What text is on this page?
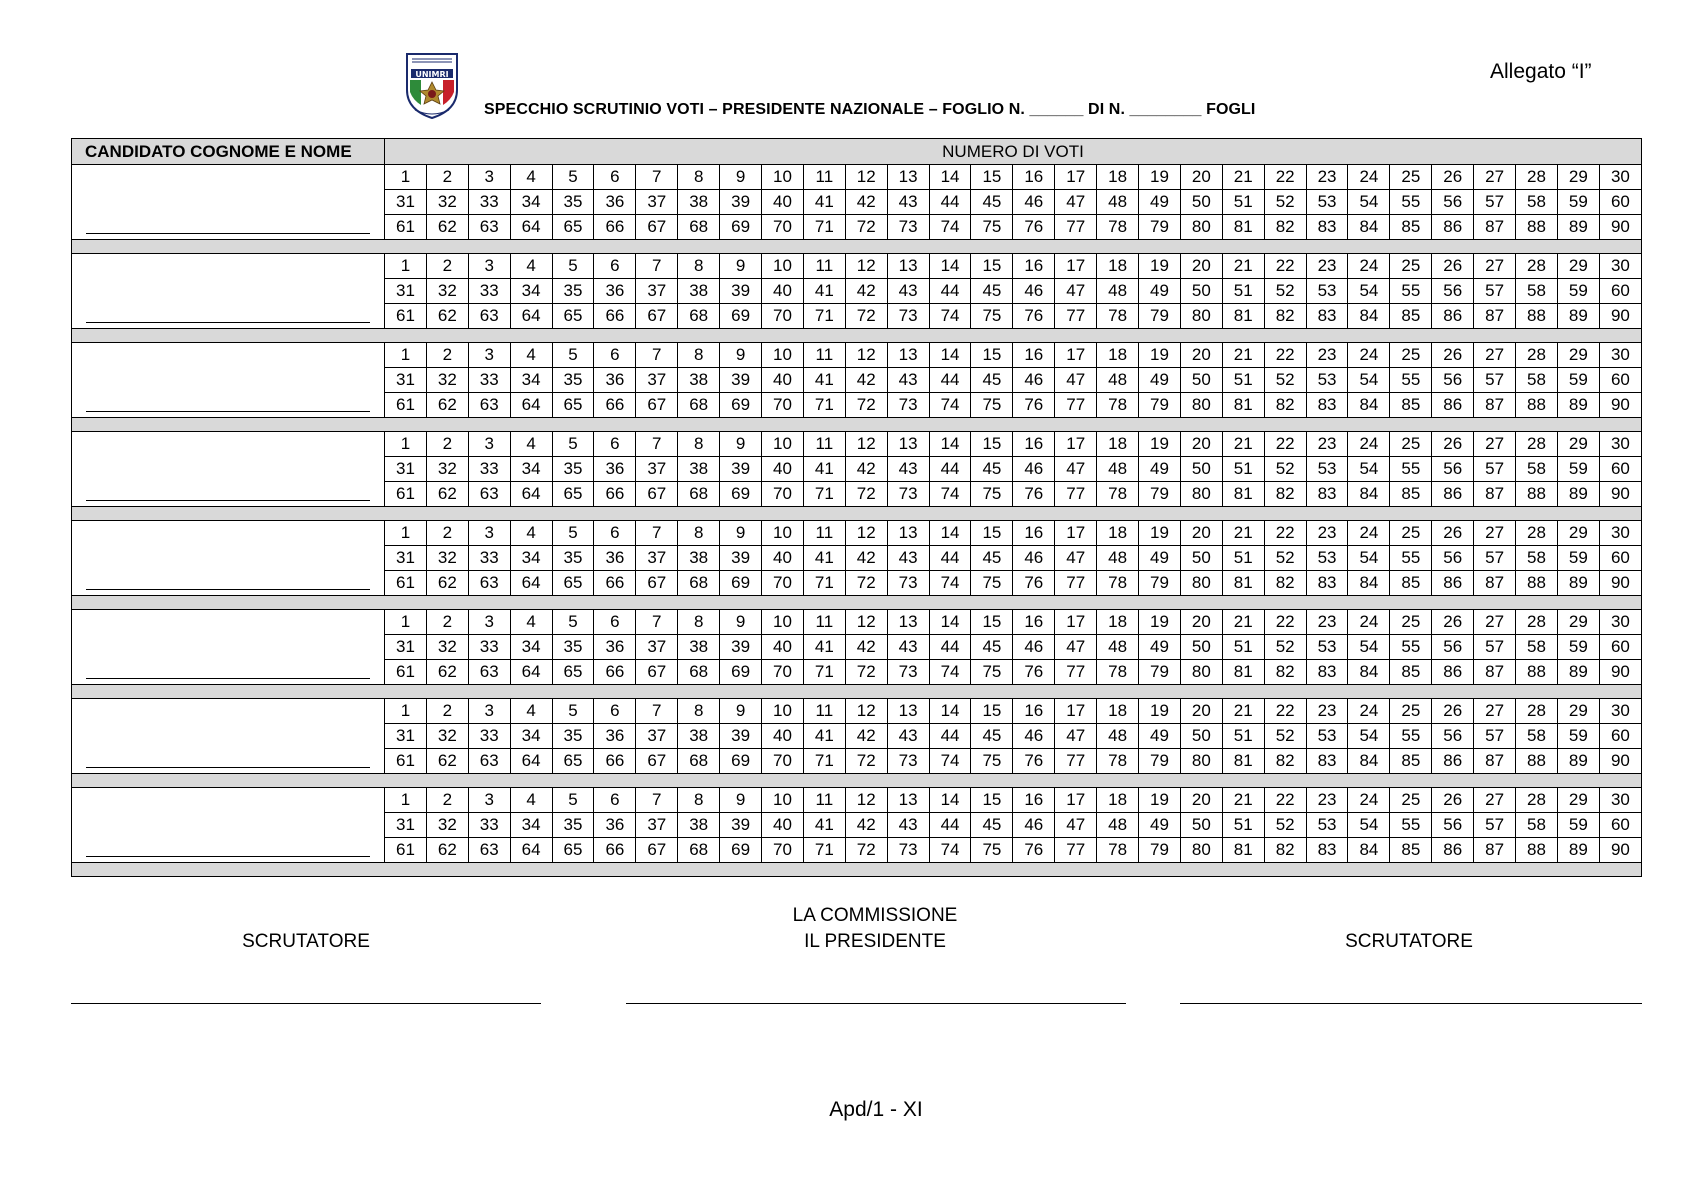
UNIMRI	Allegato “I”
SPECCHIO SCRUTINIO VOTI – PRESIDENTE NAZIONALE – FOGLIO N. ______ DI N. ________ FOGLI
CANDIDATO COGNOME E NOME	NUMERO DI VOTI																													

	1	2	3	4	5	6	7	8	9	10	11	12	13	14	15	16	17	18	19	20	21	22	23	24	25	26	27	28	29	30
	31	32	33	34	35	36	37	38	39	40	41	42	43	44	45	46	47	48	49	50	51	52	53	54	55	56	57	58	59	60
	61	62	63	64	65	66	67	68	69	70	71	72	73	74	75	76	77	78	79	80	81	82	83	84	85	86	87	88	89	90

	1	2	3	4	5	6	7	8	9	10	11	12	13	14	15	16	17	18	19	20	21	22	23	24	25	26	27	28	29	30
	31	32	33	34	35	36	37	38	39	40	41	42	43	44	45	46	47	48	49	50	51	52	53	54	55	56	57	58	59	60
	61	62	63	64	65	66	67	68	69	70	71	72	73	74	75	76	77	78	79	80	81	82	83	84	85	86	87	88	89	90

	1	2	3	4	5	6	7	8	9	10	11	12	13	14	15	16	17	18	19	20	21	22	23	24	25	26	27	28	29	30
	31	32	33	34	35	36	37	38	39	40	41	42	43	44	45	46	47	48	49	50	51	52	53	54	55	56	57	58	59	60
	61	62	63	64	65	66	67	68	69	70	71	72	73	74	75	76	77	78	79	80	81	82	83	84	85	86	87	88	89	90

	1	2	3	4	5	6	7	8	9	10	11	12	13	14	15	16	17	18	19	20	21	22	23	24	25	26	27	28	29	30
	31	32	33	34	35	36	37	38	39	40	41	42	43	44	45	46	47	48	49	50	51	52	53	54	55	56	57	58	59	60
	61	62	63	64	65	66	67	68	69	70	71	72	73	74	75	76	77	78	79	80	81	82	83	84	85	86	87	88	89	90

	1	2	3	4	5	6	7	8	9	10	11	12	13	14	15	16	17	18	19	20	21	22	23	24	25	26	27	28	29	30
	31	32	33	34	35	36	37	38	39	40	41	42	43	44	45	46	47	48	49	50	51	52	53	54	55	56	57	58	59	60
	61	62	63	64	65	66	67	68	69	70	71	72	73	74	75	76	77	78	79	80	81	82	83	84	85	86	87	88	89	90

	1	2	3	4	5	6	7	8	9	10	11	12	13	14	15	16	17	18	19	20	21	22	23	24	25	26	27	28	29	30
	31	32	33	34	35	36	37	38	39	40	41	42	43	44	45	46	47	48	49	50	51	52	53	54	55	56	57	58	59	60
	61	62	63	64	65	66	67	68	69	70	71	72	73	74	75	76	77	78	79	80	81	82	83	84	85	86	87	88	89	90

	1	2	3	4	5	6	7	8	9	10	11	12	13	14	15	16	17	18	19	20	21	22	23	24	25	26	27	28	29	30
	31	32	33	34	35	36	37	38	39	40	41	42	43	44	45	46	47	48	49	50	51	52	53	54	55	56	57	58	59	60
	61	62	63	64	65	66	67	68	69	70	71	72	73	74	75	76	77	78	79	80	81	82	83	84	85	86	87	88	89	90

	1	2	3	4	5	6	7	8	9	10	11	12	13	14	15	16	17	18	19	20	21	22	23	24	25	26	27	28	29	30
	31	32	33	34	35	36	37	38	39	40	41	42	43	44	45	46	47	48	49	50	51	52	53	54	55	56	57	58	59	60
	61	62	63	64	65	66	67	68	69	70	71	72	73	74	75	76	77	78	79	80	81	82	83	84	85	86	87	88	89	90

LA COMMISSIONE
IL PRESIDENTE
SCRUTATORE	SCRUTATORE
Apd/1 - XI
